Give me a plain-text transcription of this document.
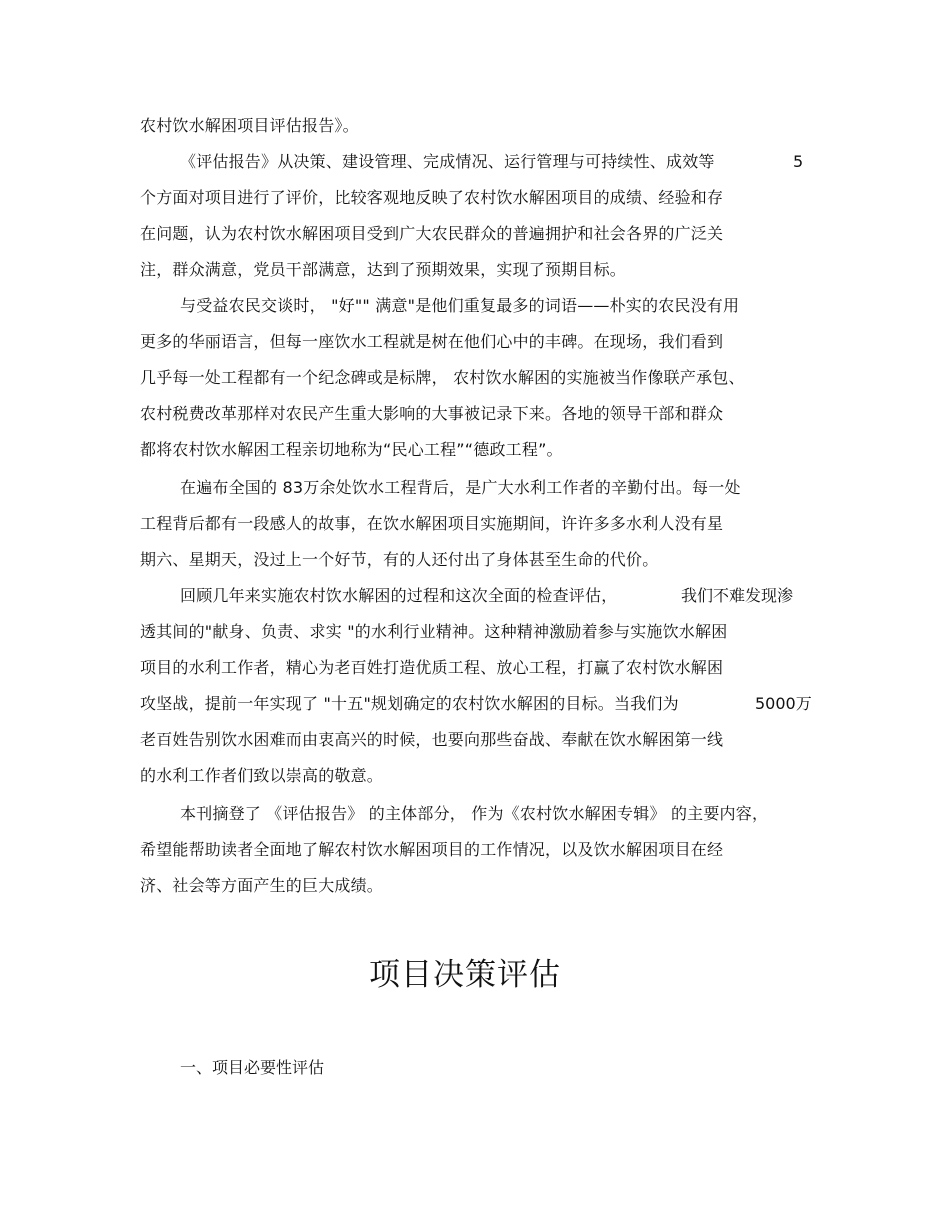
农村饮水解困项目评估报告》。
《评估报告》从决策、建设管理、完成情况、运行管理与可持续性、成效等	5
个方面对项目进行了评价，比较客观地反映了农村饮水解困项目的成绩、经验和存
在问题，认为农村饮水解困项目受到广大农民群众的普遍拥护和社会各界的广泛关
注，群众满意，党员干部满意，达到了预期效果，实现了预期目标。
与受益农民交谈时， "好"" 满意"是他们重复最多的词语——朴实的农民没有用
更多的华丽语言，但每一座饮水工程就是树在他们心中的丰碑。在现场，我们看到
几乎每一处工程都有一个纪念碑或是标牌， 农村饮水解困的实施被当作像联产承包、
农村税费改革那样对农民产生重大影响的大事被记录下来。各地的领导干部和群众
都将农村饮水解困工程亲切地称为“民心工程”“德政工程”。
在遍布全国的 83万余处饮水工程背后，是广大水利工作者的辛勤付出。每一处
工程背后都有一段感人的故事，在饮水解困项目实施期间，许许多多水利人没有星
期六、星期天，没过上一个好节，有的人还付出了身体甚至生命的代价。
回顾几年来实施农村饮水解困的过程和这次全面的检查评估，	我们不难发现渗
透其间的"献身、负责、求实 "的水利行业精神。这种精神激励着参与实施饮水解困
项目的水利工作者，精心为老百姓打造优质工程、放心工程，打赢了农村饮水解困
攻坚战，提前一年实现了 "十五"规划确定的农村饮水解困的目标。当我们为	5000万
老百姓告别饮水困难而由衷高兴的时候，也要向那些奋战、奉献在饮水解困第一线
的水利工作者们致以崇高的敬意。
本刊摘登了 《评估报告》 的主体部分， 作为《农村饮水解困专辑》 的主要内容，
希望能帮助读者全面地了解农村饮水解困项目的工作情况，以及饮水解困项目在经
济、社会等方面产生的巨大成绩。
项目决策评估
一、项目必要性评估
